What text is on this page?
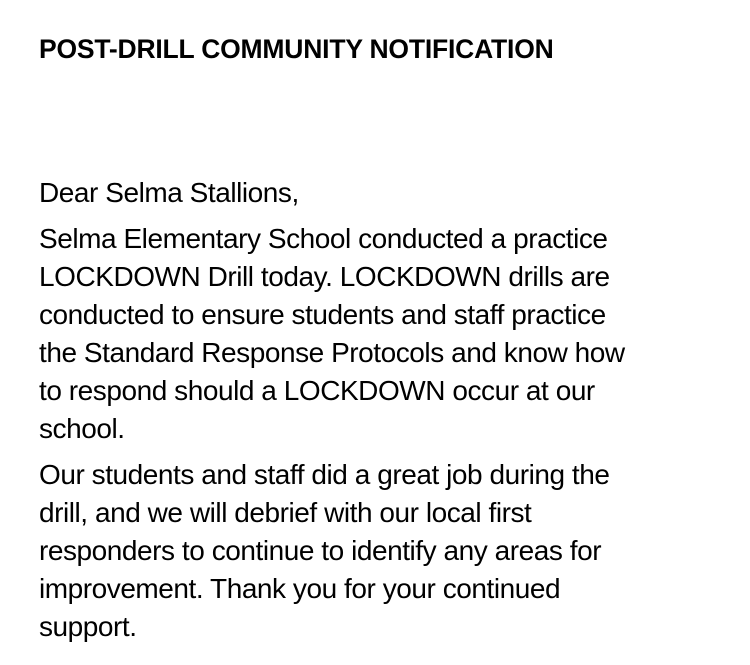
POST-DRILL COMMUNITY NOTIFICATION

Dear Selma Stallions,

Selma Elementary School conducted a practice
LOCKDOWN Drill today. LOCKDOWN drills are
conducted to ensure students and staff practice
the Standard Response Protocols and know how
to respond should a LOCKDOWN occur at our
school.

Our students and staff did a great job during the
drill, and we will debrief with our local first
responders to continue to identify any areas for
improvement. Thank you for your continued
support.
